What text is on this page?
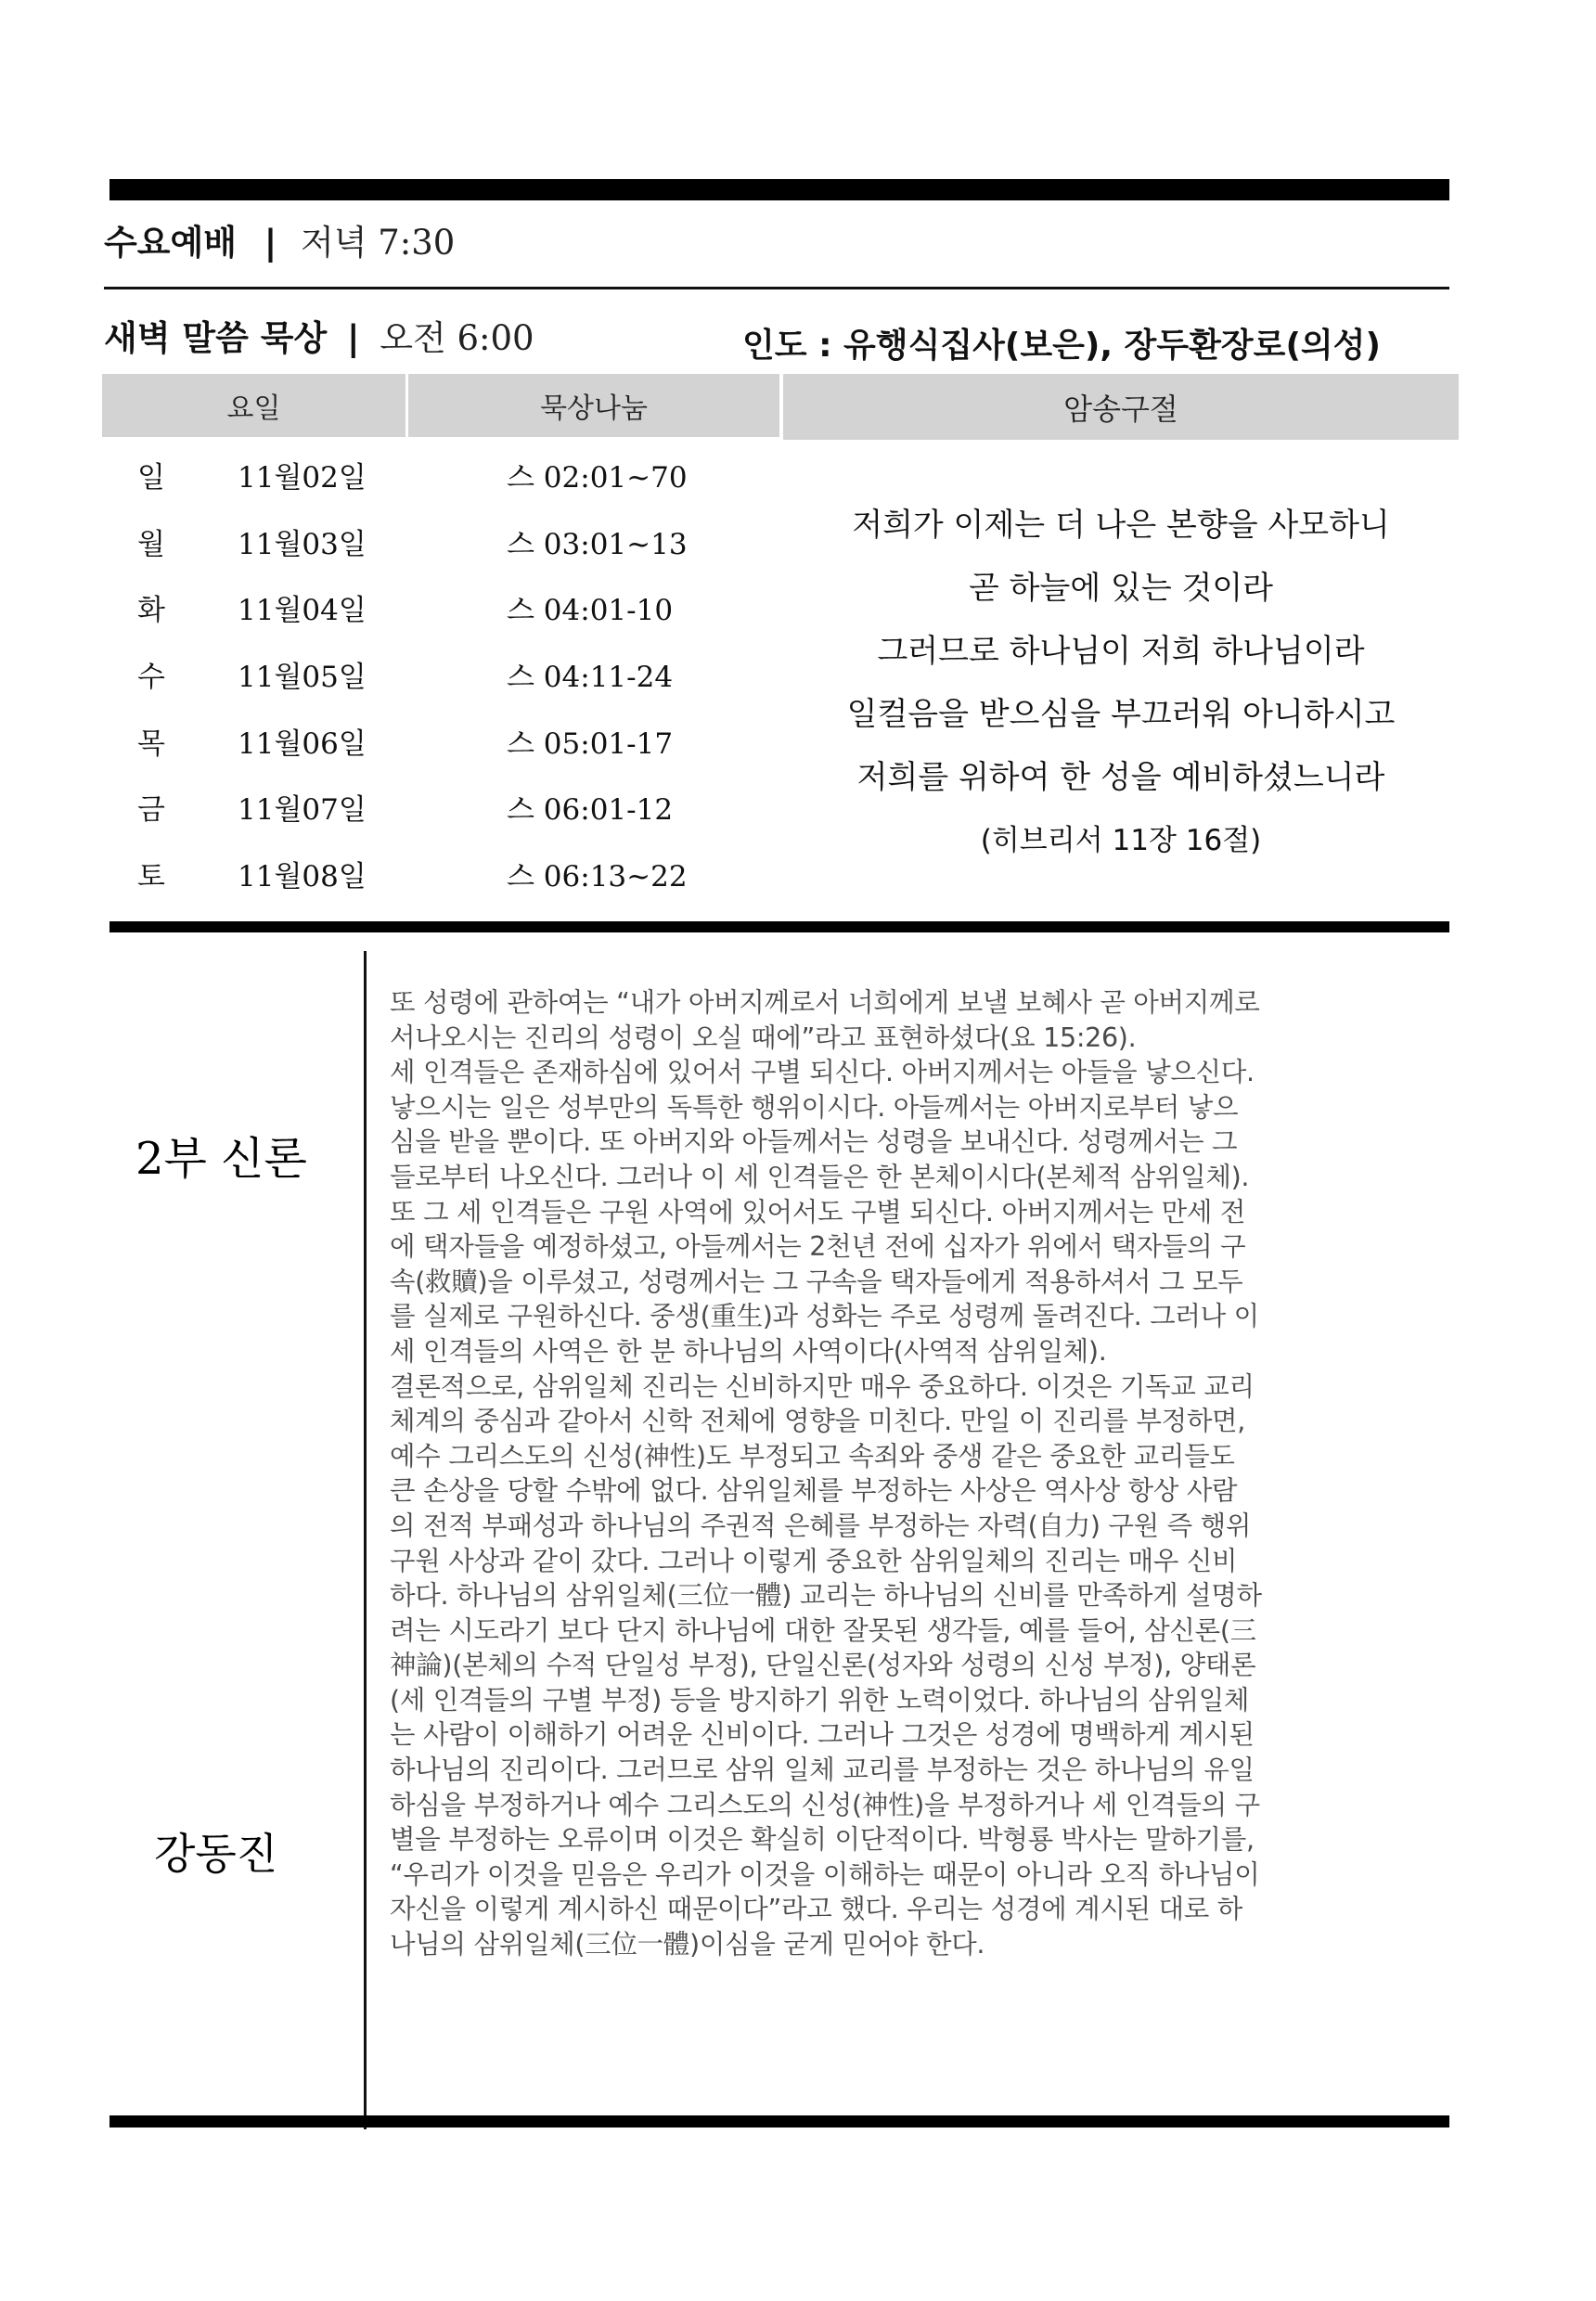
수요예배 | 저녁 7:30
새벽 말씀 묵상 | 오전 6:00	인도 : 유행식집사(보은), 장두환장로(의성)
요일	묵상나눔	암송구절
일	11월02일	스 02:01~70
월	11월03일	스 03:01~13
화	11월04일	스 04:01-10
수	11월05일	스 04:11-24
목	11월06일	스 05:01-17
금	11월07일	스 06:01-12
토	11월08일	스 06:13~22
저희가 이제는 더 나은 본향을 사모하니
곧 하늘에 있는 것이라
그러므로 하나님이 저희 하나님이라
일컬음을 받으심을 부끄러워 아니하시고
저희를 위하여 한 성을 예비하셨느니라
(히브리서 11장 16절)
2부 신론
강동진
또 성령에 관하여는 “내가 아버지께로서 너희에게 보낼 보혜사 곧 아버지께로
서나오시는 진리의 성령이 오실 때에”라고 표현하셨다(요 15:26).
세 인격들은 존재하심에 있어서 구별 되신다. 아버지께서는 아들을 낳으신다.
낳으시는 일은 성부만의 독특한 행위이시다. 아들께서는 아버지로부터 낳으
심을 받을 뿐이다. 또 아버지와 아들께서는 성령을 보내신다. 성령께서는 그
들로부터 나오신다. 그러나 이 세 인격들은 한 본체이시다(본체적 삼위일체).
또 그 세 인격들은 구원 사역에 있어서도 구별 되신다. 아버지께서는 만세 전
에 택자들을 예정하셨고, 아들께서는 2천년 전에 십자가 위에서 택자들의 구
속(救贖)을 이루셨고, 성령께서는 그 구속을 택자들에게 적용하셔서 그 모두
를 실제로 구원하신다. 중생(重生)과 성화는 주로 성령께 돌려진다. 그러나 이
세 인격들의 사역은 한 분 하나님의 사역이다(사역적 삼위일체).
결론적으로, 삼위일체 진리는 신비하지만 매우 중요하다. 이것은 기독교 교리
체계의 중심과 같아서 신학 전체에 영향을 미친다. 만일 이 진리를 부정하면,
예수 그리스도의 신성(神性)도 부정되고 속죄와 중생 같은 중요한 교리들도
큰 손상을 당할 수밖에 없다. 삼위일체를 부정하는 사상은 역사상 항상 사람
의 전적 부패성과 하나님의 주권적 은혜를 부정하는 자력(自力) 구원 즉 행위
구원 사상과 같이 갔다. 그러나 이렇게 중요한 삼위일체의 진리는 매우 신비
하다. 하나님의 삼위일체(三位一體) 교리는 하나님의 신비를 만족하게 설명하
려는 시도라기 보다 단지 하나님에 대한 잘못된 생각들, 예를 들어, 삼신론(三
神論)(본체의 수적 단일성 부정), 단일신론(성자와 성령의 신성 부정), 양태론
(세 인격들의 구별 부정) 등을 방지하기 위한 노력이었다. 하나님의 삼위일체
는 사람이 이해하기 어려운 신비이다. 그러나 그것은 성경에 명백하게 계시된
하나님의 진리이다. 그러므로 삼위 일체 교리를 부정하는 것은 하나님의 유일
하심을 부정하거나 예수 그리스도의 신성(神性)을 부정하거나 세 인격들의 구
별을 부정하는 오류이며 이것은 확실히 이단적이다. 박형룡 박사는 말하기를,
“우리가 이것을 믿음은 우리가 이것을 이해하는 때문이 아니라 오직 하나님이
자신을 이렇게 계시하신 때문이다”라고 했다. 우리는 성경에 계시된 대로 하
나님의 삼위일체(三位一體)이심을 굳게 믿어야 한다.
